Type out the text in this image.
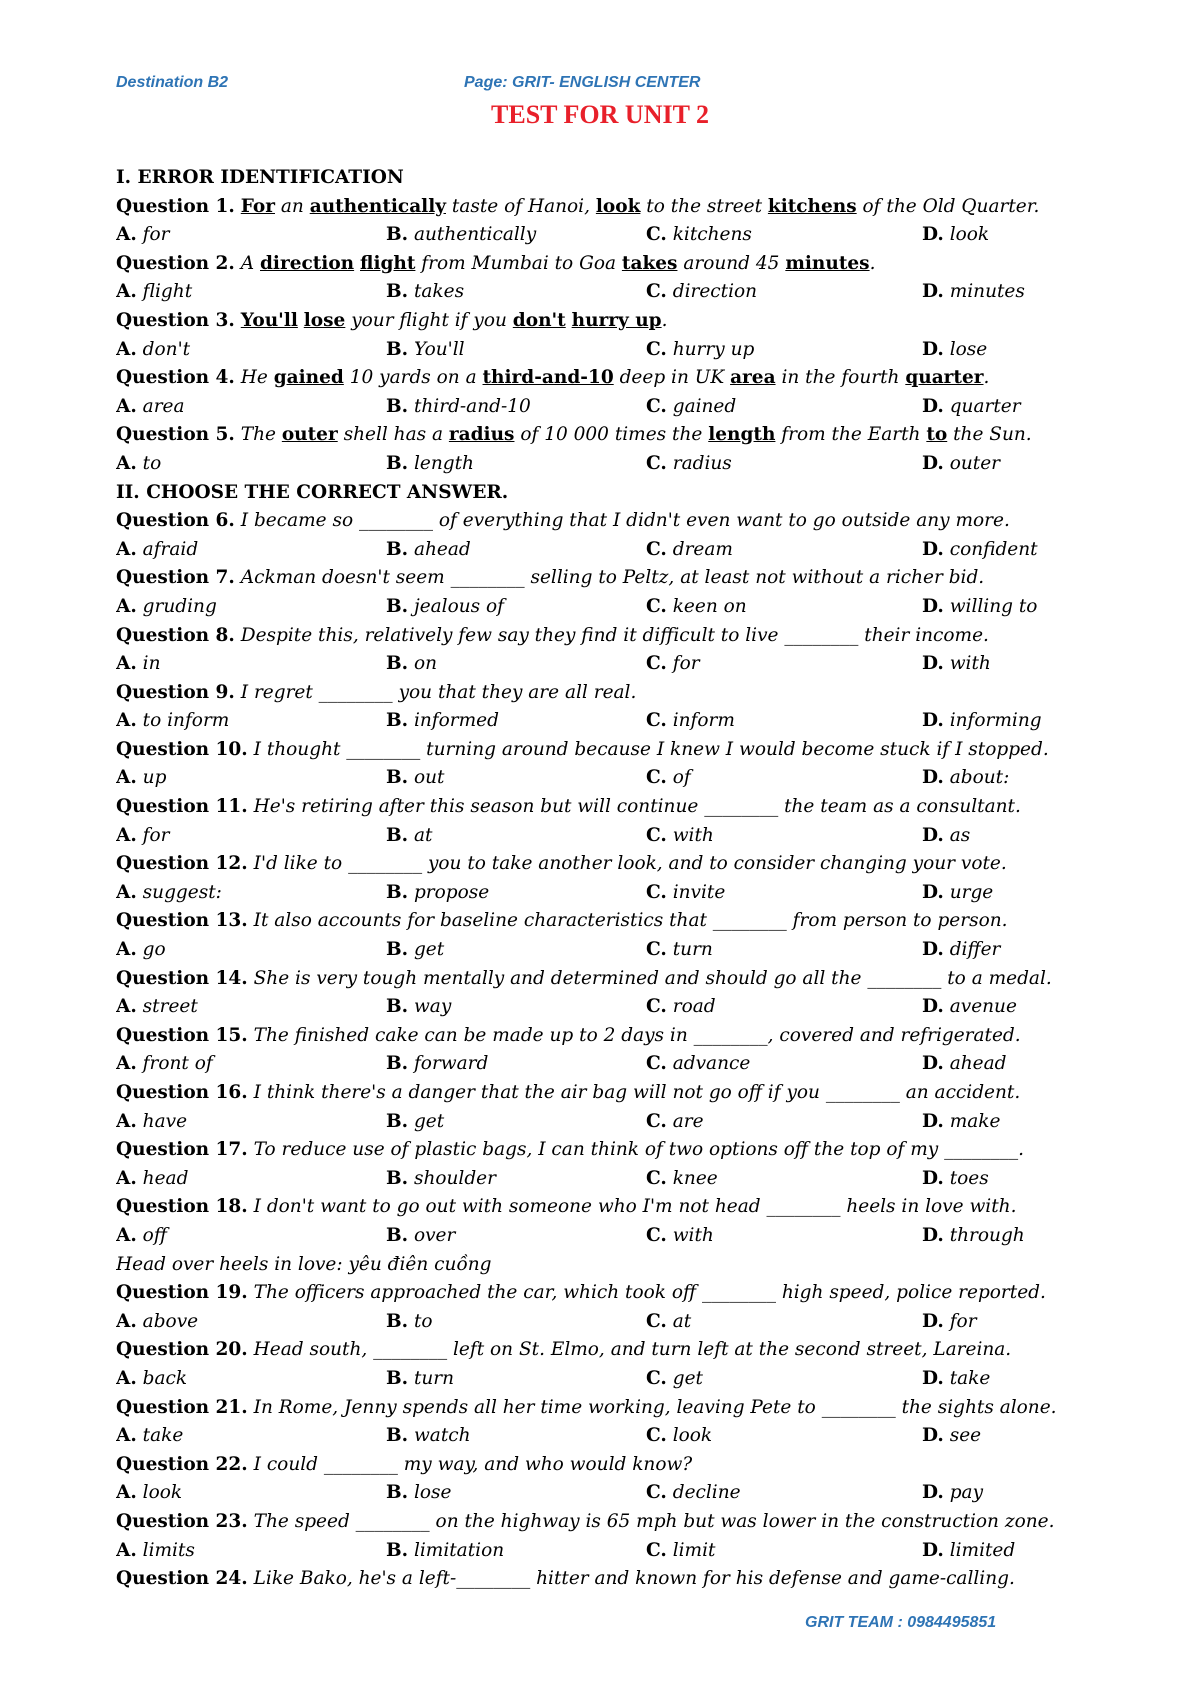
Destination B2	Page: GRIT- ENGLISH CENTER
TEST FOR UNIT 2
I. ERROR IDENTIFICATION
Question 1. For an authentically taste of Hanoi, look to the street kitchens of the Old Quarter.
A. for	B. authentically	C. kitchens	D. look
Question 2. A direction flight from Mumbai to Goa takes around 45 minutes.
A. flight	B. takes	C. direction	D. minutes
Question 3. You'll lose your flight if you don't hurry up.
A. don't	B. You'll	C. hurry up	D. lose
Question 4. He gained 10 yards on a third-and-10 deep in UK area in the fourth quarter.
A. area	B. third-and-10	C. gained	D. quarter
Question 5. The outer shell has a radius of 10 000 times the length from the Earth to the Sun.
A. to	B. length	C. radius	D. outer
II. CHOOSE THE CORRECT ANSWER.
Question 6. I became so ________ of everything that I didn't even want to go outside any more.
A. afraid	B. ahead	C. dream	D. confident
Question 7. Ackman doesn't seem ________ selling to Peltz, at least not without a richer bid.
A. gruding	B. jealous of	C. keen on	D. willing to
Question 8. Despite this, relatively few say they find it difficult to live ________ their income.
A. in	B. on	C. for	D. with
Question 9. I regret ________ you that they are all real.
A. to inform	B. informed	C. inform	D. informing
Question 10. I thought ________ turning around because I knew I would become stuck if I stopped.
A. up	B. out	C. of	D. about:
Question 11. He's retiring after this season but will continue ________ the team as a consultant.
A. for	B. at	C. with	D. as
Question 12. I'd like to ________ you to take another look, and to consider changing your vote.
A. suggest:	B. propose	C. invite	D. urge
Question 13. It also accounts for baseline characteristics that ________ from person to person.
A. go	B. get	C. turn	D. differ
Question 14. She is very tough mentally and determined and should go all the ________ to a medal.
A. street	B. way	C. road	D. avenue
Question 15. The finished cake can be made up to 2 days in ________, covered and refrigerated.
A. front of	B. forward	C. advance	D. ahead
Question 16. I think there's a danger that the air bag will not go off if you ________ an accident.
A. have	B. get	C. are	D. make
Question 17. To reduce use of plastic bags, I can think of two options off the top of my ________.
A. head	B. shoulder	C. knee	D. toes
Question 18. I don't want to go out with someone who I'm not head ________ heels in love with.
A. off	B. over	C. with	D. through
Head over heels in love: yêu điên cuồng
Question 19. The officers approached the car, which took off ________ high speed, police reported.
A. above	B. to	C. at	D. for
Question 20. Head south, ________ left on St. Elmo, and turn left at the second street, Lareina.
A. back	B. turn	C. get	D. take
Question 21. In Rome, Jenny spends all her time working, leaving Pete to ________ the sights alone.
A. take	B. watch	C. look	D. see
Question 22. I could ________ my way, and who would know?
A. look	B. lose	C. decline	D. pay
Question 23. The speed ________ on the highway is 65 mph but was lower in the construction zone.
A. limits	B. limitation	C. limit	D. limited
Question 24. Like Bako, he's a left-________ hitter and known for his defense and game-calling.
GRIT TEAM : 0984495851
